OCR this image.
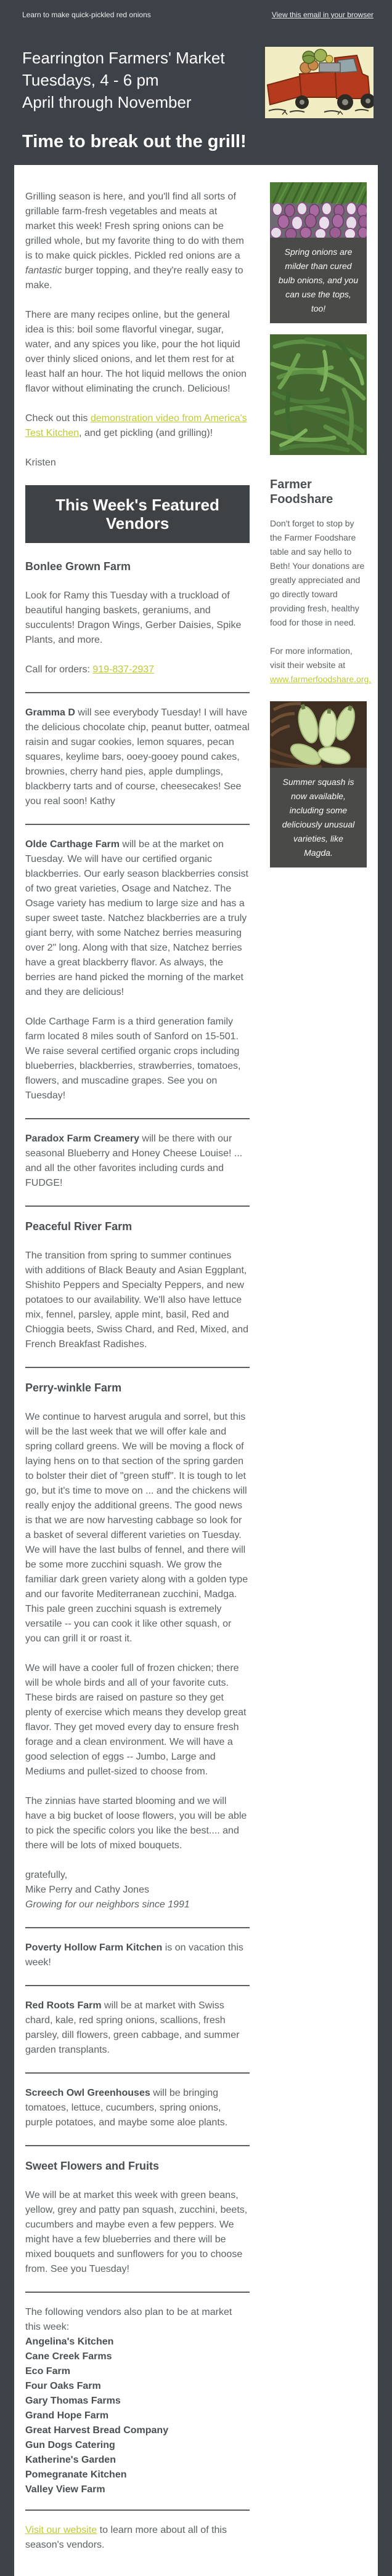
Learn to make quick-pickled red onions	View this email in your browser
Fearrington Farmers' Market
Tuesdays, 4 - 6 pm
April through November
Time to break out the grill!

Grilling season is here, and you'll find all sorts of grillable farm-fresh vegetables and meats at market this week! Fresh spring onions can be grilled whole, but my favorite thing to do with them is to make quick pickles. Pickled red onions are a fantastic burger topping, and they're really easy to make.

There are many recipes online, but the general idea is this: boil some flavorful vinegar, sugar, water, and any spices you like, pour the hot liquid over thinly sliced onions, and let them rest for at least half an hour. The hot liquid mellows the onion flavor without eliminating the crunch. Delicious!

Check out this demonstration video from America's Test Kitchen, and get pickling (and grilling)!

Kristen

This Week's Featured Vendors
Bonlee Grown Farm

Look for Ramy this Tuesday with a truckload of beautiful hanging baskets, geraniums, and succulents! Dragon Wings, Gerber Daisies, Spike Plants, and more.

Call for orders: 919-837-2937

Gramma D will see everybody Tuesday! I will have the delicious chocolate chip, peanut butter, oatmeal raisin and sugar cookies, lemon squares, pecan squares, keylime bars, ooey-gooey pound cakes, brownies, cherry hand pies, apple dumplings, blackberry tarts and of course, cheesecakes! See you real soon! Kathy

Olde Carthage Farm will be at the market on Tuesday. We will have our certified organic blackberries. Our early season blackberries consist of two great varieties, Osage and Natchez. The Osage variety has medium to large size and has a super sweet taste. Natchez blackberries are a truly giant berry, with some Natchez berries measuring over 2" long. Along with that size, Natchez berries have a great blackberry flavor. As always, the berries are hand picked the morning of the market and they are delicious!

Olde Carthage Farm is a third generation family farm located 8 miles south of Sanford on 15-501. We raise several certified organic crops including blueberries, blackberries, strawberries, tomatoes, flowers, and muscadine grapes. See you on Tuesday!

Paradox Farm Creamery will be there with our seasonal Blueberry and Honey Cheese Louise! ... and all the other favorites including curds and FUDGE!

Peaceful River Farm

The transition from spring to summer continues with additions of Black Beauty and Asian Eggplant, Shishito Peppers and Specialty Peppers, and new potatoes to our availability. We'll also have lettuce mix, fennel, parsley, apple mint, basil, Red and Chioggia beets, Swiss Chard, and Red, Mixed, and French Breakfast Radishes.

Perry-winkle Farm

We continue to harvest arugula and sorrel, but this will be the last week that we will offer kale and spring collard greens. We will be moving a flock of laying hens on to that section of the spring garden to bolster their diet of "green stuff". It is tough to let go, but it's time to move on ... and the chickens will really enjoy the additional greens. The good news is that we are now harvesting cabbage so look for a basket of several different varieties on Tuesday. We will have the last bulbs of fennel, and there will be some more zucchini squash. We grow the familiar dark green variety along with a golden type and our favorite Mediterranean zucchini, Madga. This pale green zucchini squash is extremely versatile -- you can cook it like other squash, or you can grill it or roast it.

We will have a cooler full of frozen chicken; there will be whole birds and all of your favorite cuts. These birds are raised on pasture so they get plenty of exercise which means they develop great flavor. They get moved every day to ensure fresh forage and a clean environment. We will have a good selection of eggs -- Jumbo, Large and Mediums and pullet-sized to choose from.

The zinnias have started blooming and we will have a big bucket of loose flowers, you will be able to pick the specific colors you like the best.... and there will be lots of mixed bouquets.

gratefully,
Mike Perry and Cathy Jones
Growing for our neighbors since 1991

Poverty Hollow Farm Kitchen is on vacation this week!

Red Roots Farm will be at market with Swiss chard, kale, red spring onions, scallions, fresh parsley, dill flowers, green cabbage, and summer garden transplants.

Screech Owl Greenhouses will be bringing tomatoes, lettuce, cucumbers, spring onions, purple potatoes, and maybe some aloe plants.

Sweet Flowers and Fruits

We will be at market this week with green beans, yellow, grey and patty pan squash, zucchini, beets, cucumbers and maybe even a few peppers. We might have a few blueberries and there will be mixed bouquets and sunflowers for you to choose from. See you Tuesday!

The following vendors also plan to be at market this week:

Angelina's Kitchen
Cane Creek Farms
Eco Farm
Four Oaks Farm
Gary Thomas Farms
Grand Hope Farm
Great Harvest Bread Company
Gun Dogs Catering
Katherine's Garden
Pomegranate Kitchen
Valley View Farm

Visit our website to learn more about all of this season's vendors.

Spring onions are milder than cured bulb onions, and you can use the tops, too!
Farmer Foodshare

Don't forget to stop by the Farmer Foodshare table and say hello to Beth! Your donations are greatly appreciated and go directly toward providing fresh, healthy food for those in need.

For more information, visit their website at www.farmerfoodshare.org.

Summer squash is now available, including some deliciously unusual varieties, like Magda.
